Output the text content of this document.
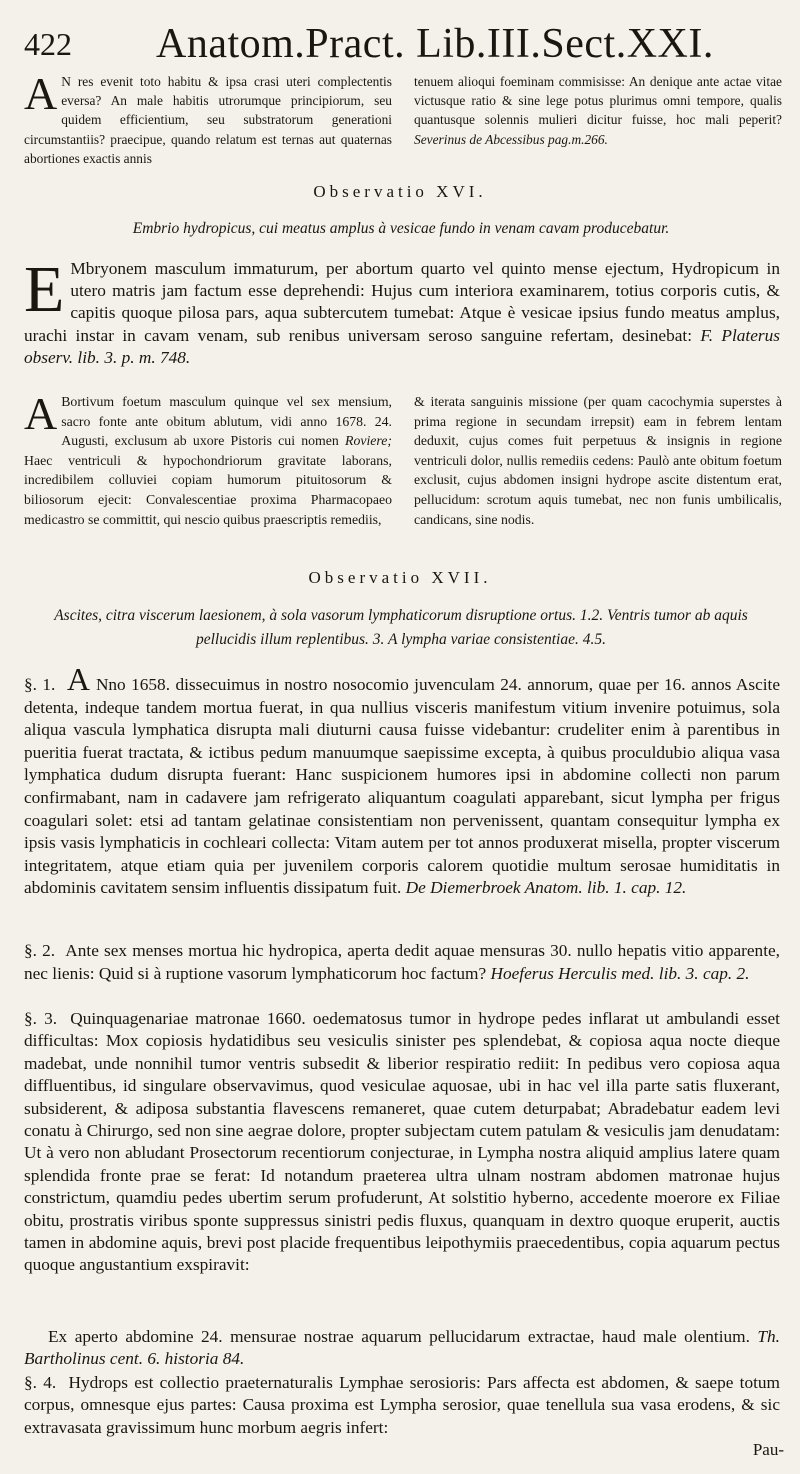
422 Anatom.Pract. Lib.III.Sect.XXI.
A N res evenit toto habitu & ipsa crasi uteri complectentis eversa? An male habitis utrorumque principiorum, seu quidem efficientium, seu substratorum generationi circumstantiis? praecipue, quando relatum est ternas aut quaternas abortiones exactis annis
tenuem alioqui foeminam commisisse: An denique ante actae vitae victusque ratio & sine lege potus plurimus omni tempore, qualis quantusque solennis mulieri dicitur fuisse, hoc mali peperit? Severinus de Abcessibus pag.m.266.
Observatio XVI.
Embrio hydropicus, cui meatus amplus à vesicae fundo in venam cavam producebatur.
E Mbryonem masculum immaturum, per abortum quarto vel quinto mense ejectum, Hydropicum in utero matris jam factum esse deprehendi: Hujus cum interiora examinarem, totius corporis cutis, & capitis quoque pilosa pars, aqua subtercutem tumebat: Atque è vesicae ipsius fundo meatus amplus, urachi instar in cavam venam, sub renibus universam seroso sanguine refertam, desinebat: F. Platerus observ. lib. 3. p. m. 748.
A Bortivum foetum masculum quinque vel sex mensium, sacro fonte ante obitum ablutum, vidi anno 1678. 24. Augusti, exclusum ab uxore Pistoris cui nomen Roviere; Haec ventriculi & hypochondriorum gravitate laborans, incredibilem colluviei copiam humorum pituitosorum & biliosorum ejecit: Convalescentiae proxima Pharmacopaeo medicastro se committit, qui nescio quibus praescriptis remediis,
& iterata sanguinis missione (per quam cacochymia superstes à prima regione in secundam irrepsit) eam in febrem lentam deduxit, cujus comes fuit perpetuus & insignis in regione ventriculi dolor, nullis remediis cedens: Paulò ante obitum foetum exclusit, cujus abdomen insigni hydrope ascite distentum erat, pellucidum: scrotum aquis tumebat, nec non funis umbilicalis, candicans, sine nodis.
Observatio XVII.
Ascites, citra viscerum laesionem, à sola vasorum lymphaticorum disruptione ortus. 1.2. Ventris tumor ab aquis pellucidis illum replentibus. 3. A lympha variae consistentiae. 4.5.
§. 1. A Nno 1658. dissecuimus in nostro nosocomio juvenculam 24. annorum, quae per 16. annos Ascite detenta, indeque tandem mortua fuerat, in qua nullius visceris manifestum vitium invenire potuimus, sola aliqua vascula lymphatica disrupta mali diuturni causa fuisse videbantur: crudeliter enim à parentibus in pueritia fuerat tractata, & ictibus pedum manuumque saepissime excepta, à quibus proculdubio aliqua vasa lymphatica dudum disrupta fuerant: Hanc suspicionem humores ipsi in abdomine collecti non parum confirmabant, nam in cadavere jam refrigerato aliquantum coagulati apparebant, sicut lympha per frigus coagulari solet: etsi ad tantam gelatinae consistentiam non pervenissent, quantam consequitur lympha ex ipsis vasis lymphaticis in cochleari collecta: Vitam autem per tot annos produxerat misella, propter viscerum integritatem, atque etiam quia per juvenilem corporis calorem quotidie multum serosae humiditatis in abdominis cavitatem sensim influentis dissipatum fuit. De Diemerbroek Anatom. lib. 1. cap. 12.
§. 2. Ante sex menses mortua hic hydropica, aperta dedit aquae mensuras 30. nullo hepatis vitio apparente, nec lienis: Quid si à ruptione vasorum lymphaticorum hoc factum? Hoeferus Herculis med. lib. 3. cap. 2.
§. 3. Quinquagenariae matronae 1660. oedematosus tumor in hydrope pedes inflarat ut ambulandi esset difficultas: Mox copiosis hydatidibus seu vesiculis sinister pes splendebat, & copiosa aqua nocte dieque madebat, unde nonnihil tumor ventris subsedit & liberior respiratio rediit: In pedibus vero copiosa aqua diffluentibus, id singulare observavimus, quod vesiculae aquosae, ubi in hac vel illa parte satis fluxerant, subsiderent, & adiposa substantia flavescens remaneret, quae cutem deturpabat; Abradebatur eadem levi conatu à Chirurgo, sed non sine aegrae dolore, propter subjectam cutem patulam & vesiculis jam denudatam: Ut à vero non abludant Prosectorum recentiorum conjecturae, in Lympha nostra aliquid amplius latere quam splendida fronte prae se ferat: Id notandum praeterea ultra ulnam nostram abdomen matronae hujus constrictum, quamdiu pedes ubertim serum profuderunt, At solstitio hyberno, accedente moerore ex Filiae obitu, prostratis viribus sponte suppressus sinistri pedis fluxus, quanquam in dextro quoque eruperit, auctis tamen in abdomine aquis, brevi post placide frequentibus leipothymiis praecedentibus, copia aquarum pectus quoque angustantium exspiravit:
Ex aperto abdomine 24. mensurae nostrae aquarum pellucidarum extractae, haud male olentium. Th. Bartholinus cent. 6. historia 84.
§. 4. Hydrops est collectio praeternaturalis Lymphae serosioris: Pars affecta est abdomen, & saepe totum corpus, omnesque ejus partes: Causa proxima est Lympha serosior, quae tenellula sua vasa erodens, & sic extravasata gravissimum hunc morbum aegris infert:
Pau-
